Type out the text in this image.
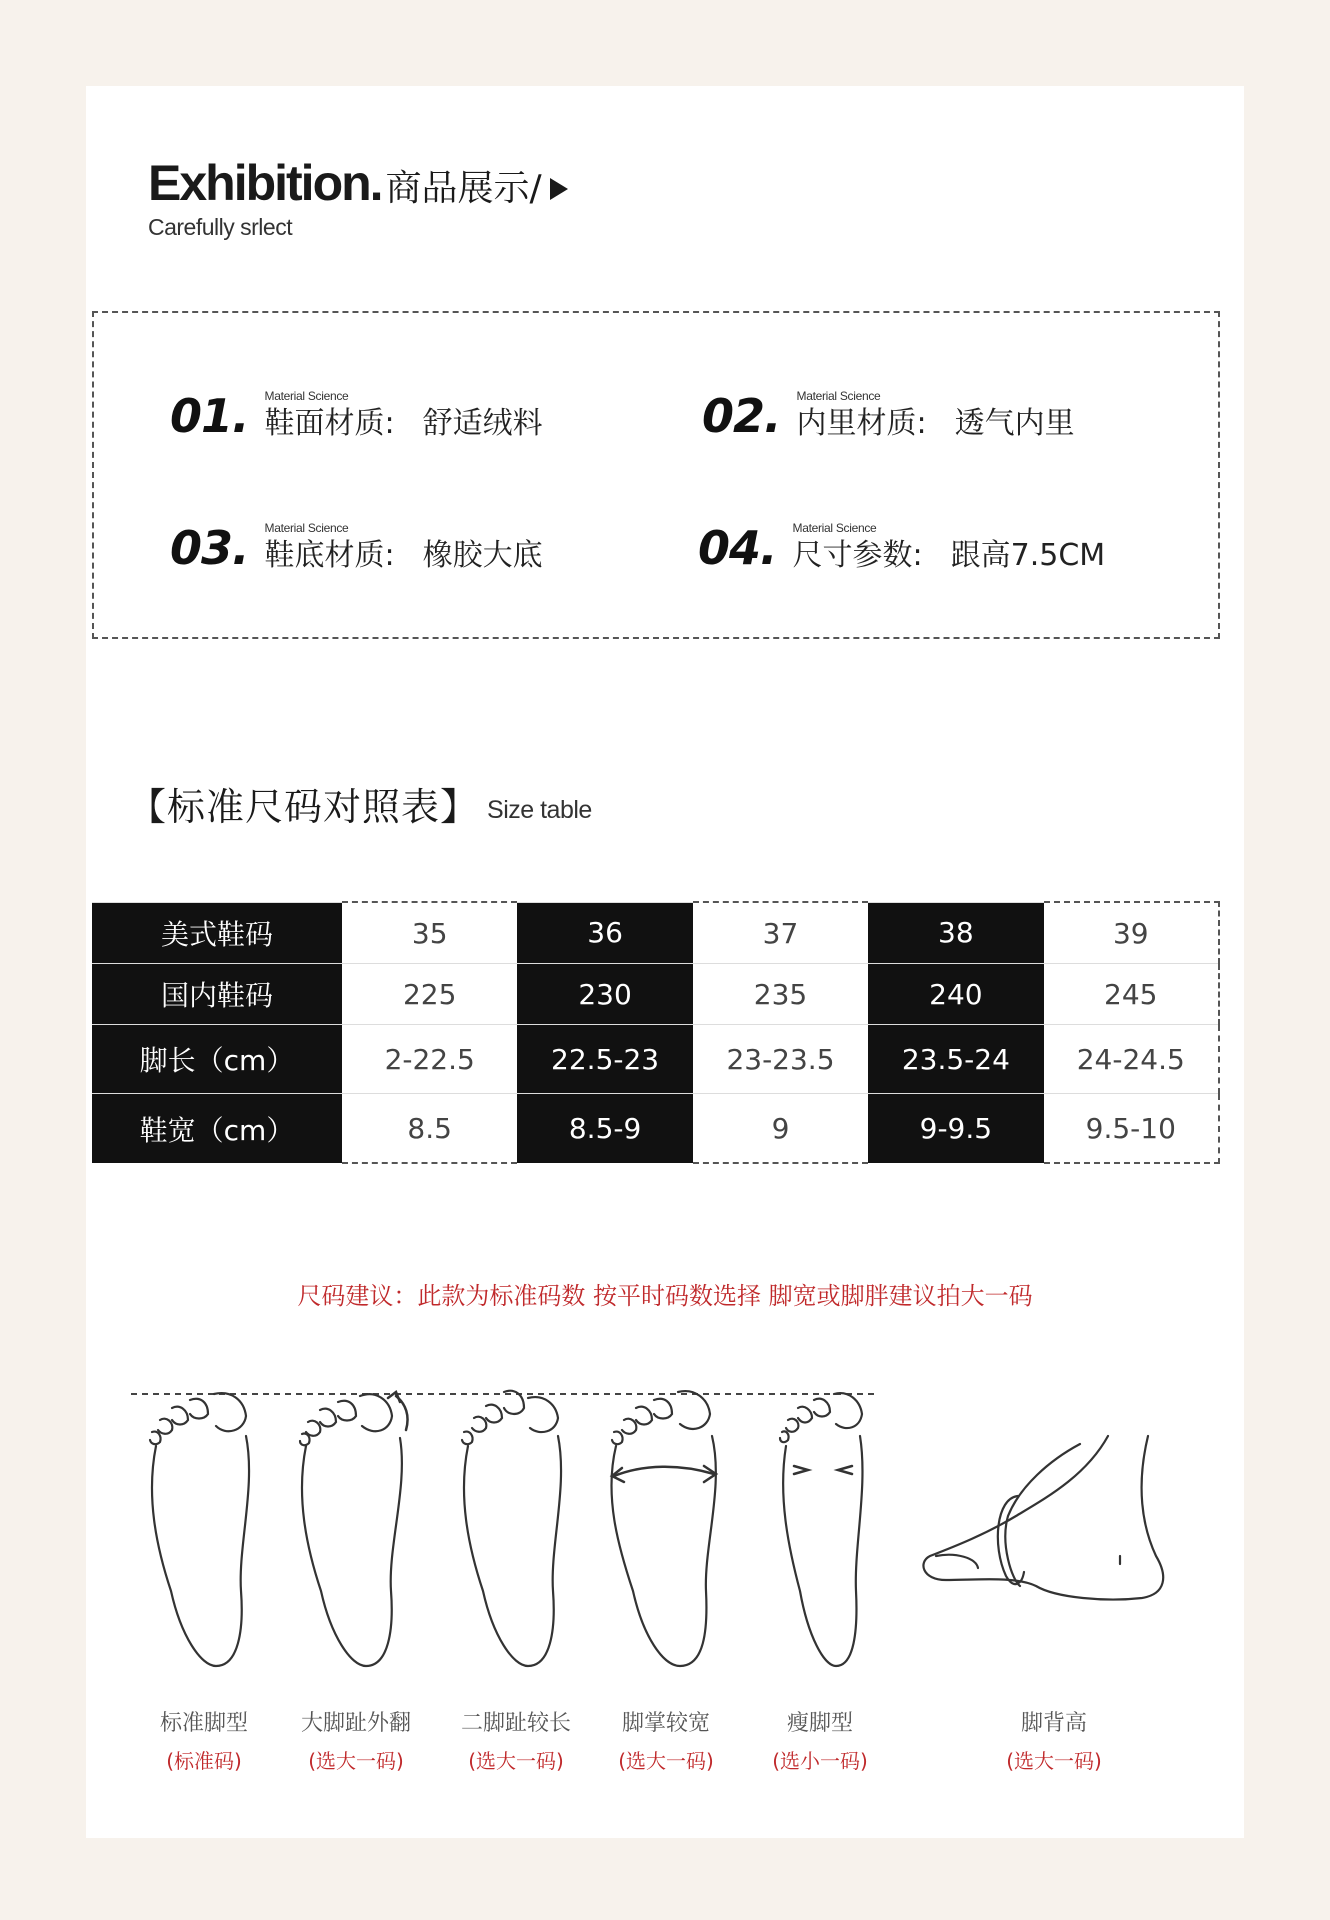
Exhibition. 商品展示/
Carefully srlect
01. Material Science
鞋面材质: 舒适绒料	02. Material Science
内里材质: 透气内里
03. Material Science
鞋底材质: 橡胶大底	04. Material Science
尺寸参数: 跟高7.5CM
【标准尺码对照表】 Size table
美式鞋码	35	36	37	38	39
国内鞋码	225	230	235	240	245
脚长（cm）	2-22.5	22.5-23	23-23.5	23.5-24	24-24.5
鞋宽（cm）	8.5	8.5-9	9	9-9.5	9.5-10
尺码建议：此款为标准码数 按平时码数选择 脚宽或脚胖建议拍大一码
标准脚型
(标准码)
大脚趾外翻
(选大一码)
二脚趾较长
(选大一码)
脚掌较宽
(选大一码)
瘦脚型
(选小一码)
脚背高
(选大一码)
